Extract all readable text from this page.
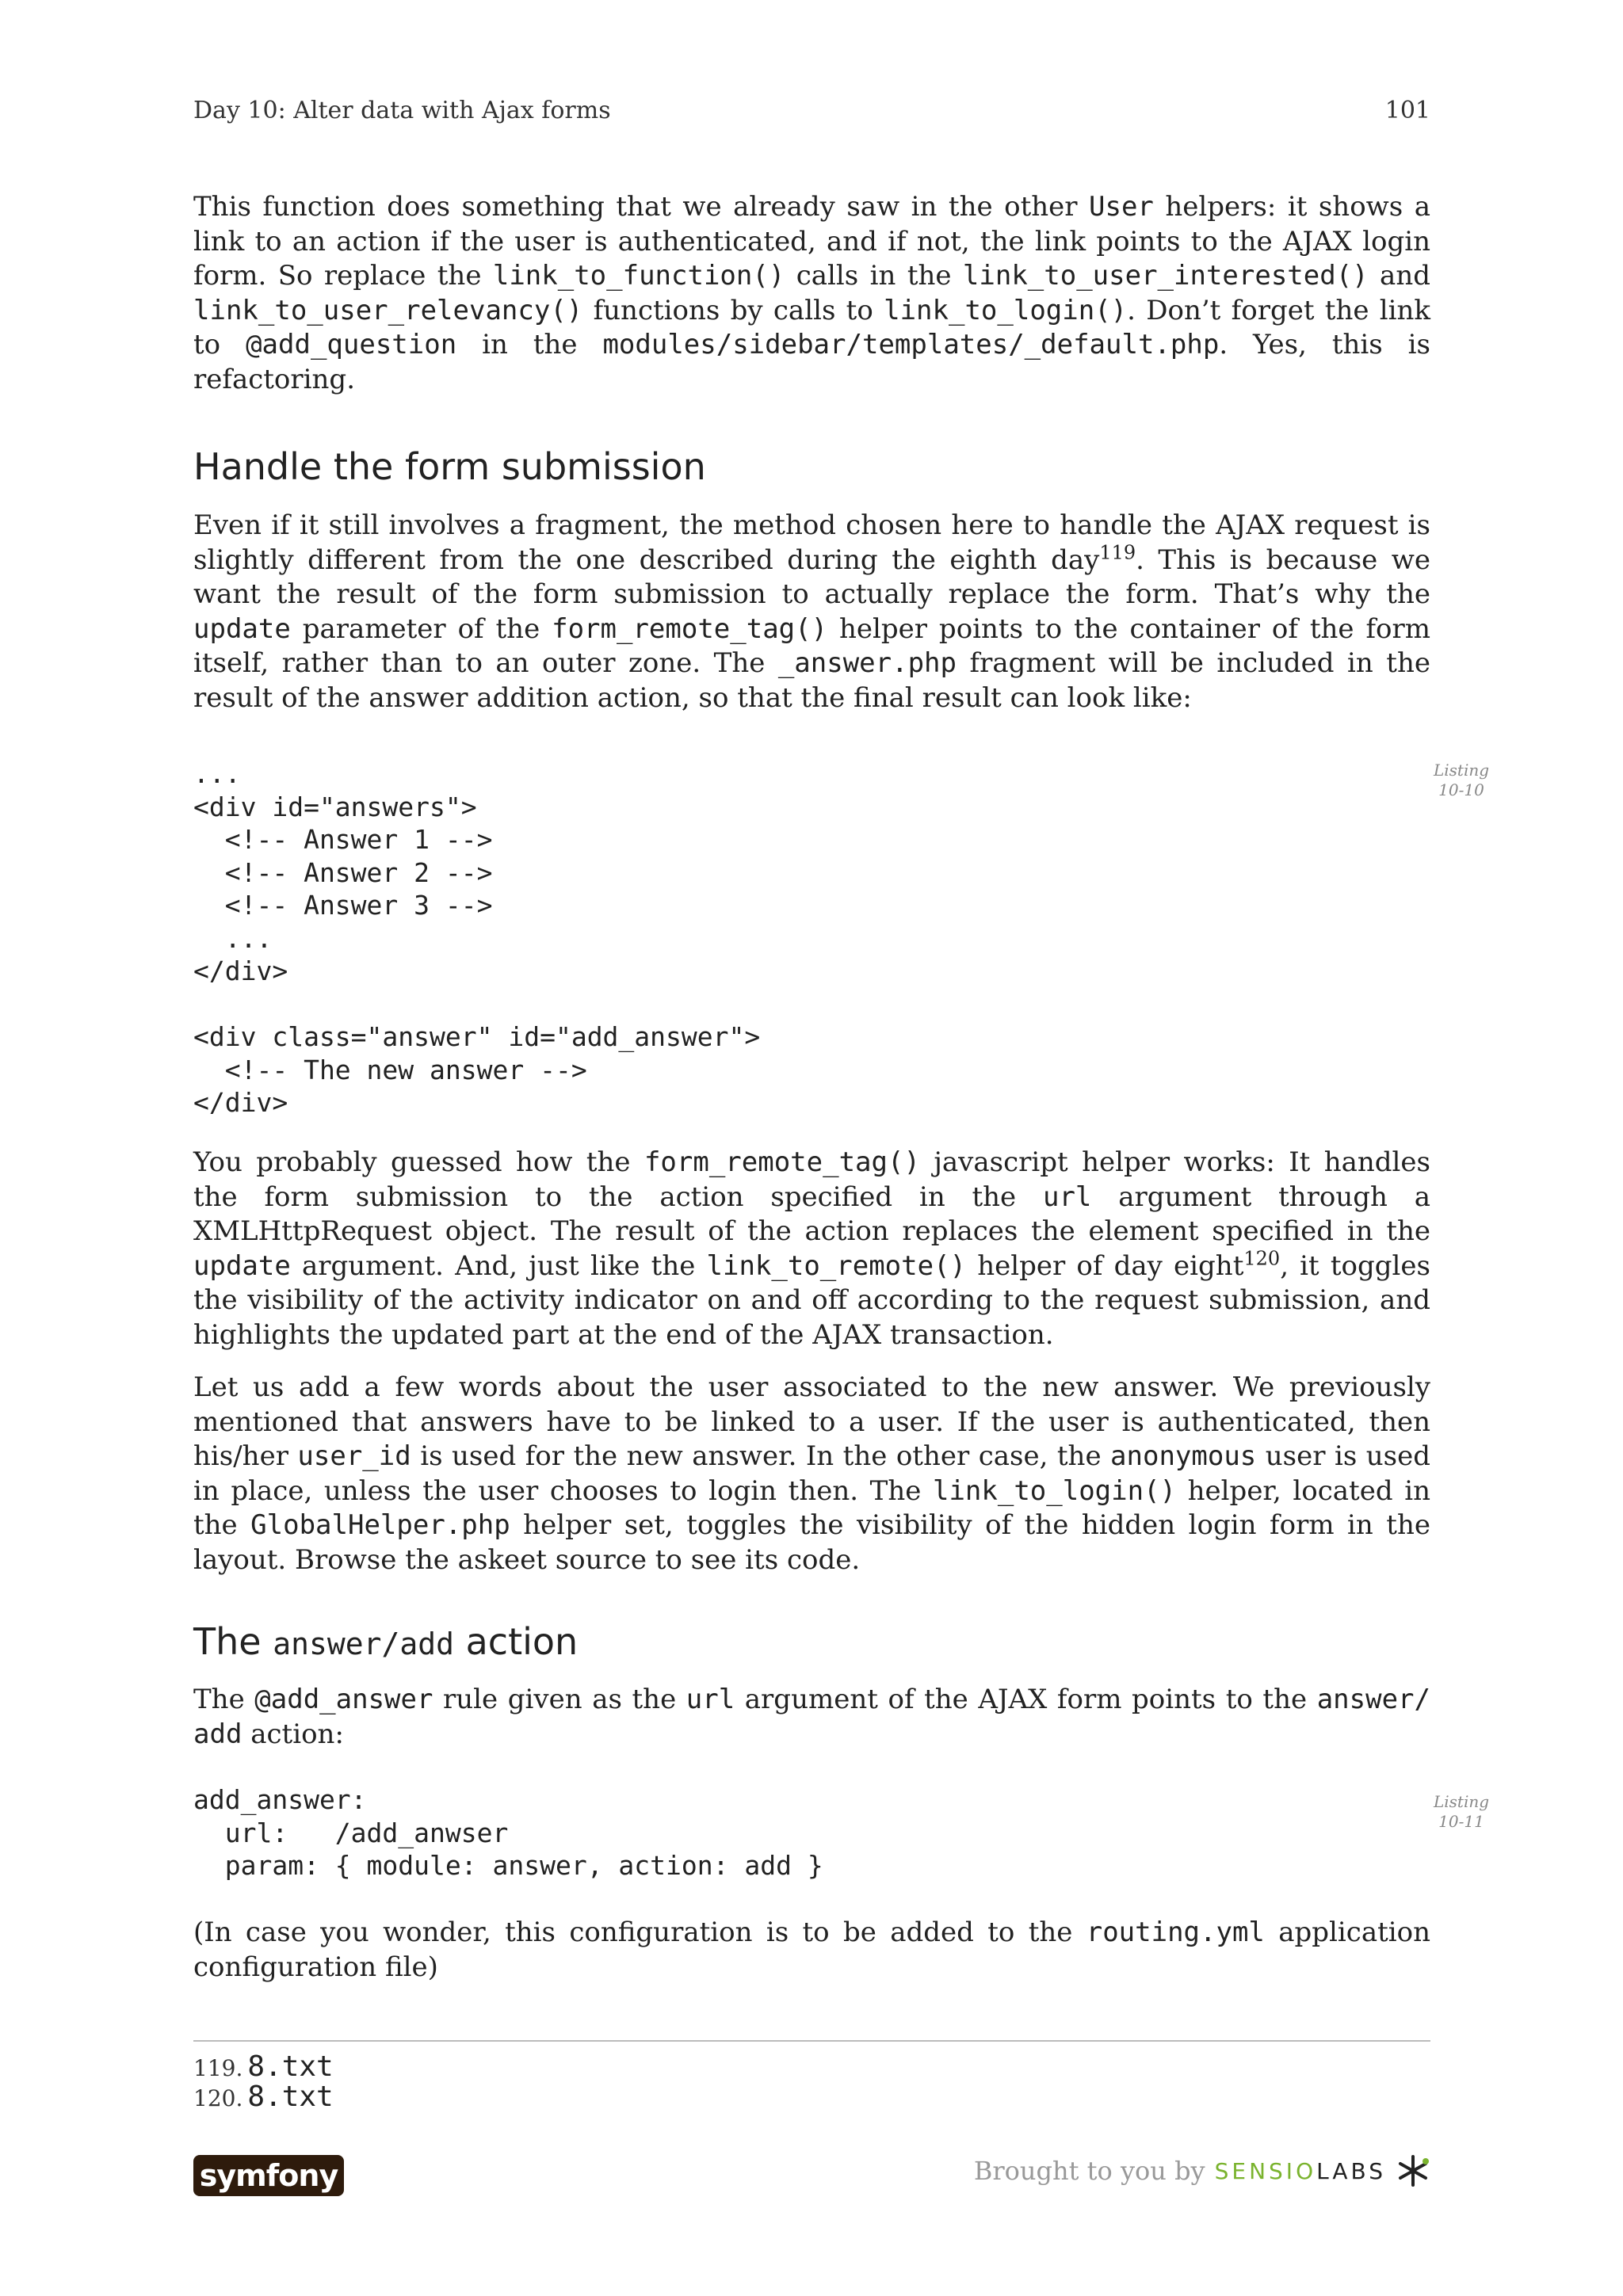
Day 10: Alter data with Ajax forms	101

This function does something that we already saw in the other User helpers: it shows a link to an action if the user is authenticated, and if not, the link points to the AJAX login form. So replace the link_to_function() calls in the link_to_user_interested() and link_to_user_relevancy() functions by calls to link_to_login(). Don’t forget the link to @add_question in the modules/sidebar/templates/_default.php. Yes, this is refactoring.

Handle the form submission

Even if it still involves a fragment, the method chosen here to handle the AJAX request is slightly different from the one described during the eighth day$^{119}$. This is because we want the result of the form submission to actually replace the form. That’s why the update parameter of the form_remote_tag() helper points to the container of the form itself, rather than to an outer zone. The _answer.php fragment will be included in the result of the answer addition action, so that the final result can look like:

...
<div id="answers">
<!-- Answer 1 -->
<!-- Answer 2 -->
<!-- Answer 3 -->
...
</div>

<div class="answer" id="add_answer">
<!-- The new answer -->
</div>
Listing
10-10

You probably guessed how the form_remote_tag() javascript helper works: It handles the form submission to the action specified in the url argument through a XMLHttpRequest object. The result of the action replaces the element specified in the update argument. And, just like the link_to_remote() helper of day eight$^{120}$, it toggles the visibility of the activity indicator on and off according to the request submission, and highlights the updated part at the end of the AJAX transaction.

Let us add a few words about the user associated to the new answer. We previously mentioned that answers have to be linked to a user. If the user is authenticated, then his/her user_id is used for the new answer. In the other case, the anonymous user is used in place, unless the user chooses to login then. The link_to_login() helper, located in the GlobalHelper.php helper set, toggles the visibility of the hidden login form in the layout. Browse the askeet source to see its code.

The answer/add action

The @add_answer rule given as the url argument of the AJAX form points to the answer/ add action:

add_answer:
url:   /add_anwser
param: { module: answer, action: add }
Listing
10-11

(In case you wonder, this configuration is to be added to the routing.yml application configuration file)

119. 8.txt
120. 8.txt
symfony	Brought to you by SENSIOLABS
